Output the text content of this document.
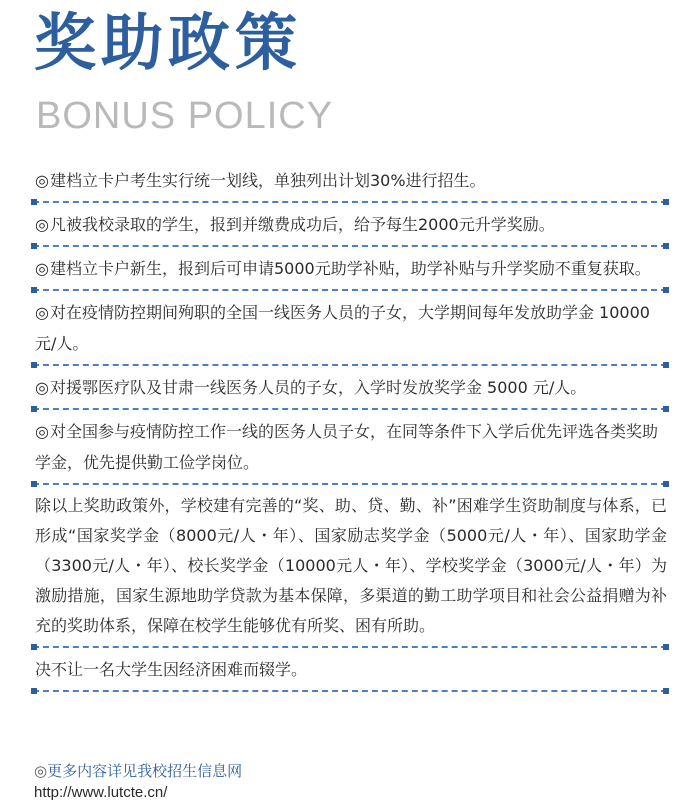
奖助政策
BONUS POLICY
◎建档立卡户考生实行统一划线，单独列出计划30%进行招生。
◎凡被我校录取的学生，报到并缴费成功后，给予每生2000元升学奖励。
◎建档立卡户新生，报到后可申请5000元助学补贴，助学补贴与升学奖励不重复获取。
◎对在疫情防控期间殉职的全国一线医务人员的子女，大学期间每年发放助学金 10000 元/人。
◎对援鄂医疗队及甘肃一线医务人员的子女，入学时发放奖学金 5000 元/人。
◎对全国参与疫情防控工作一线的医务人员子女，在同等条件下入学后优先评选各类奖助学金，优先提供勤工俭学岗位。
除以上奖助政策外，学校建有完善的“奖、助、贷、勤、补”困难学生资助制度与体系，已形成“国家奖学金（8000元/人・年）、国家励志奖学金（5000元/人・年）、国家助学金（3300元/人・年）、校长奖学金（10000元人・年）、学校奖学金（3000元/人・年）为激励措施，国家生源地助学贷款为基本保障，多渠道的勤工助学项目和社会公益捐赠为补充的奖助体系，保障在校学生能够优有所奖、困有所助。
决不让一名大学生因经济困难而辍学。
◎更多内容详见我校招生信息网
http://www.lutcte.cn/
